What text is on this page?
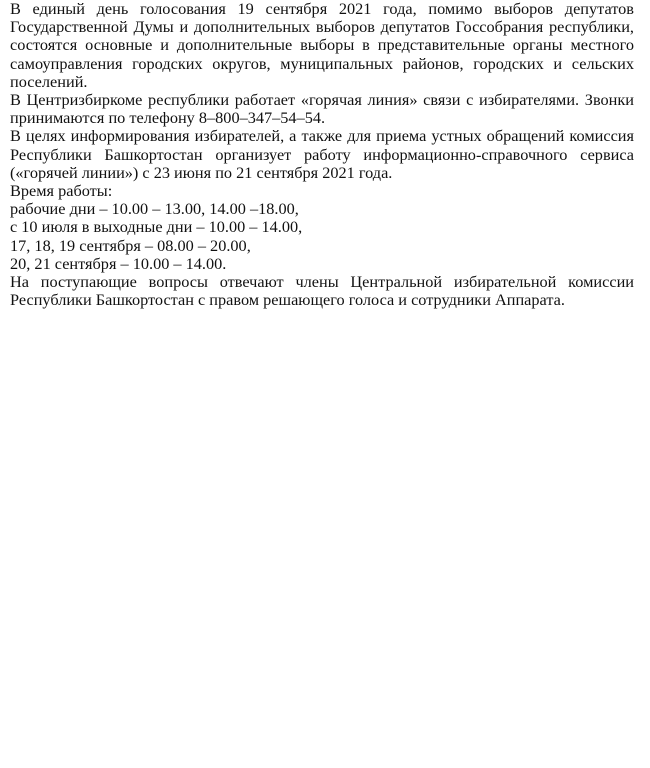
В единый день голосования 19 сентября 2021 года, помимо выборов депутатов Государственной Думы и дополнительных выборов депутатов Госсобрания республики, состоятся основные и дополнительные выборы в представительные органы местного самоуправления городских округов, муниципальных районов, городских и сельских поселений.

В Центризбиркоме республики работает «горячая линия» связи с избирателями. Звонки принимаются по телефону 8–800–347–54–54.

В целях информирования избирателей, а также для приема устных обращений комиссия Республики Башкортостан организует работу информационно-справочного сервиса («горячей линии») с 23 июня по 21 сентября 2021 года.

Время работы:

рабочие дни – 10.00 – 13.00, 14.00 –18.00,

с 10 июля в выходные дни – 10.00 – 14.00,

17, 18, 19 сентября – 08.00 – 20.00,

20, 21 сентября – 10.00 – 14.00.

На поступающие вопросы отвечают члены Центральной избирательной комиссии Республики Башкортостан с правом решающего голоса и сотрудники Аппарата.
